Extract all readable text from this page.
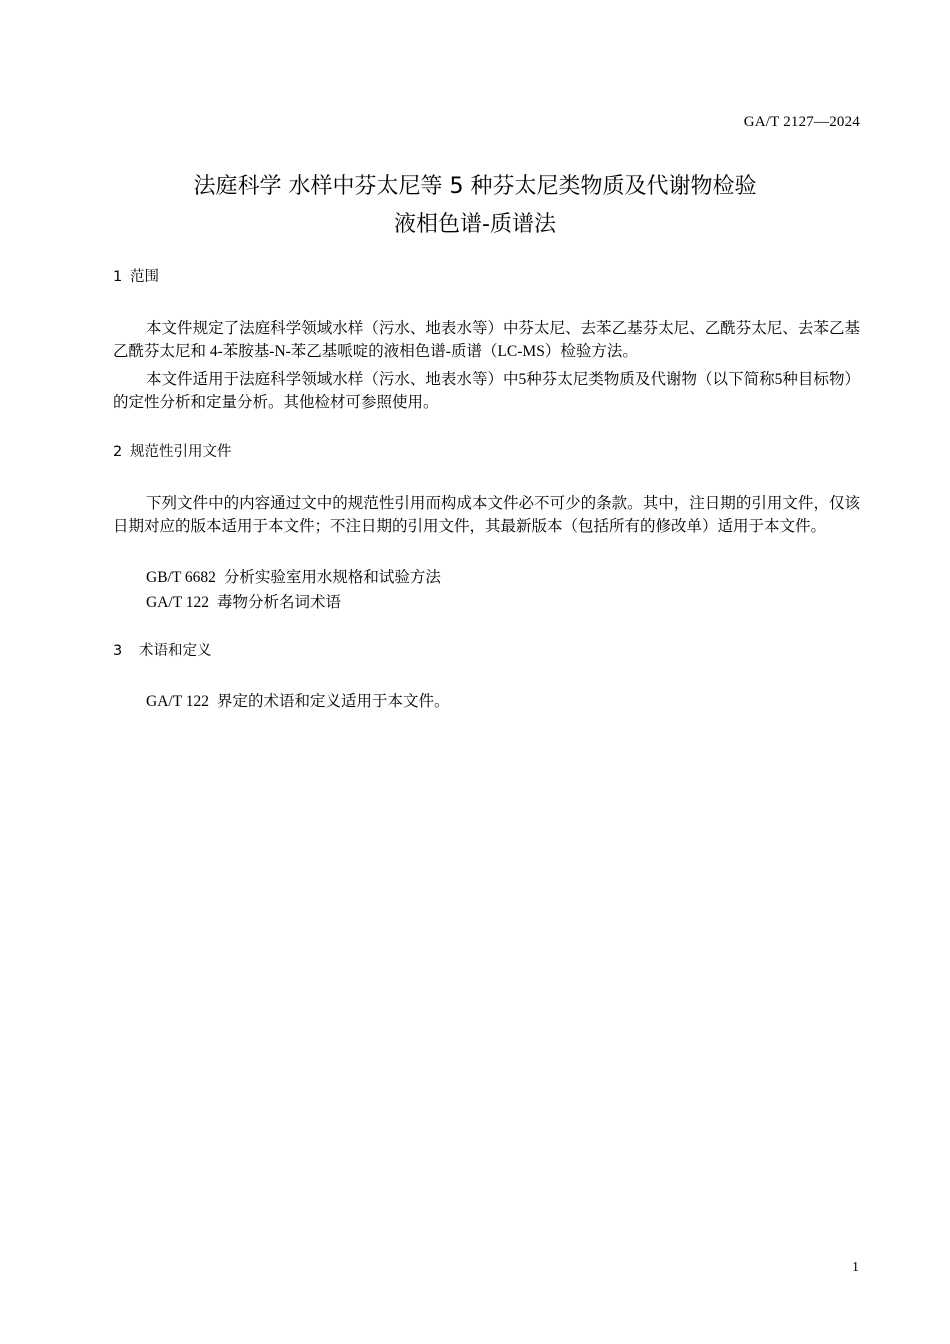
GA/T 2127—2024
法庭科学 水样中芬太尼等 5 种芬太尼类物质及代谢物检验
液相色谱-质谱法
1 范围

本文件规定了法庭科学领域水样（污水、地表水等）中芬太尼、去苯乙基芬太尼、乙酰芬太尼、去苯乙基乙酰芬太尼和 4-苯胺基-N-苯乙基哌啶的液相色谱-质谱（LC-MS）检验方法。

本文件适用于法庭科学领域水样（污水、地表水等）中5种芬太尼类物质及代谢物（以下简称5种目标物）的定性分析和定量分析。其他检材可参照使用。

2 规范性引用文件

下列文件中的内容通过文中的规范性引用而构成本文件必不可少的条款。其中，注日期的引用文件，仅该日期对应的版本适用于本文件；不注日期的引用文件，其最新版本（包括所有的修改单）适用于本文件。

GB/T 6682 分析实验室用水规格和试验方法
GA/T 122 毒物分析名词术语
3 术语和定义
GA/T 122 界定的术语和定义适用于本文件。
1
